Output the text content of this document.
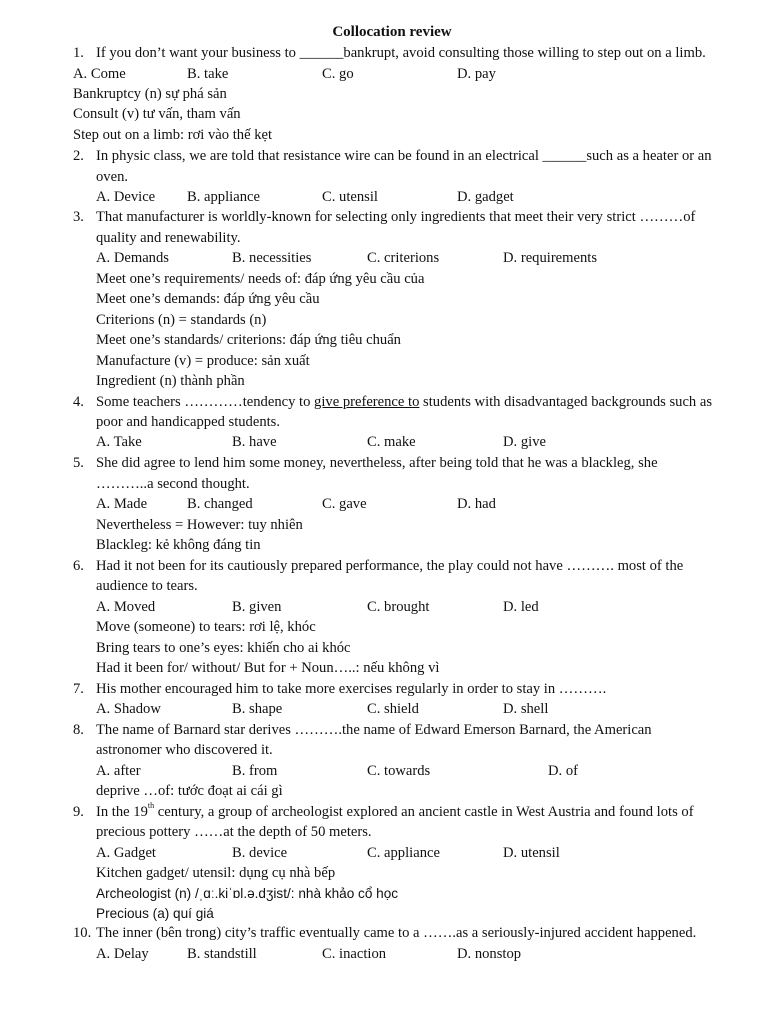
Collocation review
1. If you don’t want your business to ______bankrupt, avoid consulting those willing to step out on a limb.
A. Come	B. take	C. go	D. pay
Bankruptcy (n) sự phá sản
Consult (v) tư vấn, tham vấn
Step out on a limb: rơi vào thế kẹt
2. In physic class, we are told that resistance wire can be found in an electrical ______such as a heater or an
oven.
A. Device B. appliance	C. utensil	D. gadget
3. That manufacturer is worldly-known for selecting only ingredients that meet their very strict ………of
quality and renewability.
A. Demands	B. necessities	C. criterions	D. requirements
Meet one’s requirements/ needs of: đáp ứng yêu cầu của
Meet one’s demands: đáp ứng yêu cầu
Criterions (n) = standards (n)
Meet one’s standards/ criterions: đáp ứng tiêu chuẩn
Manufacture (v) = produce: sản xuất
Ingredient (n) thành phần
4. Some teachers …………tendency to give preference to students with disadvantaged backgrounds such as
poor and handicapped students.
A. Take	B. have	C. make	D. give
5. She did agree to lend him some money, nevertheless, after being told that he was a blackleg, she
………..a second thought.
A. Made	B. changed	C. gave	D. had
Nevertheless = However: tuy nhiên
Blackleg: kẻ không đáng tin
6. Had it not been for its cautiously prepared performance, the play could not have ………. most of the
audience to tears.
A. Moved	B. given	C. brought	D. led
Move (someone) to tears: rơi lệ, khóc
Bring tears to one’s eyes: khiến cho ai khóc
Had it been for/ without/ But for + Noun…..: nếu không vì
7. His mother encouraged him to take more exercises regularly in order to stay in ……….
A. Shadow	B. shape	C. shield	D. shell
8. The name of Barnard star derives ……….the name of Edward Emerson Barnard, the American
astronomer who discovered it.
A. after	B. from	C. towards	D. of
deprive …of: tước đoạt ai cái gì
9. In the 19th century, a group of archeologist explored an ancient castle in West Austria and found lots of
precious pottery ……at the depth of 50 meters.
A. Gadget	B. device	C. appliance	D. utensil
Kitchen gadget/ utensil: dụng cụ nhà bếp
Archeologist (n) /ˌɑː.kiˈɒl.ə.dʒist/: nhà khảo cổ học
Precious (a) quí giá
10. The inner (bên trong) city’s traffic eventually came to a …….as a seriously-injured accident happened.
A. Delay	B. standstill	C. inaction	D. nonstop
